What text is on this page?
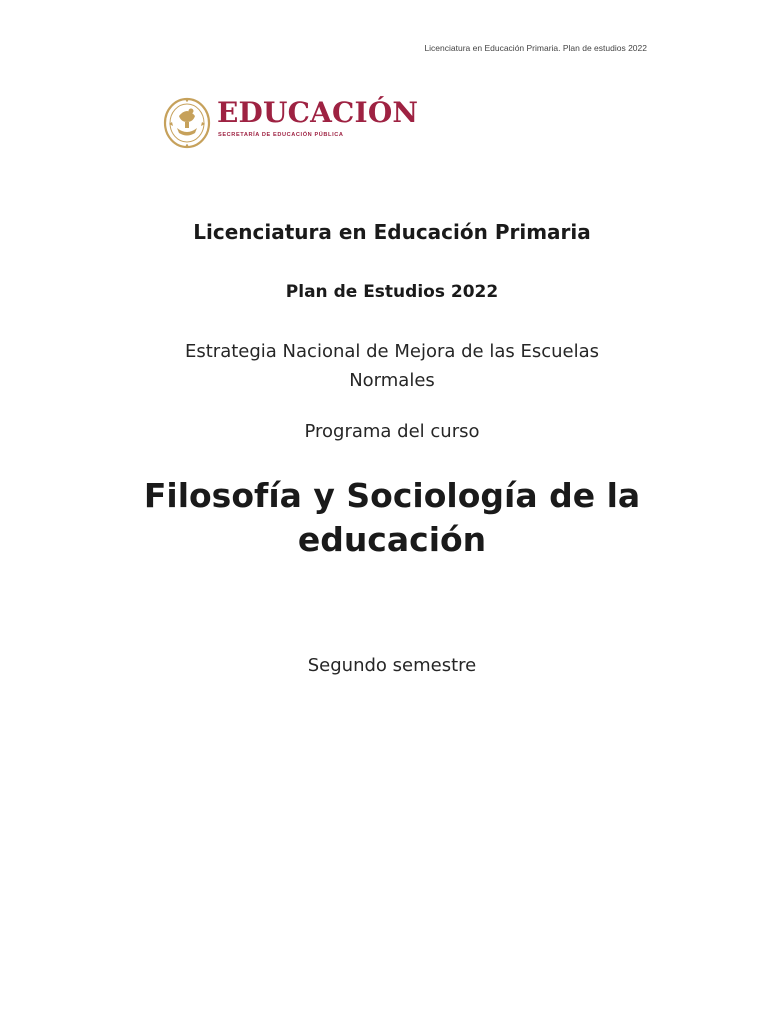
Licenciatura en Educación Primaria. Plan de estudios 2022
EDUCACIÓN
SECRETARÍA DE EDUCACIÓN PÚBLICA
Licenciatura en Educación Primaria
Plan de Estudios 2022
Estrategia Nacional de Mejora de las Escuelas Normales
Programa del curso
Filosofía y Sociología de la educación
Segundo semestre
